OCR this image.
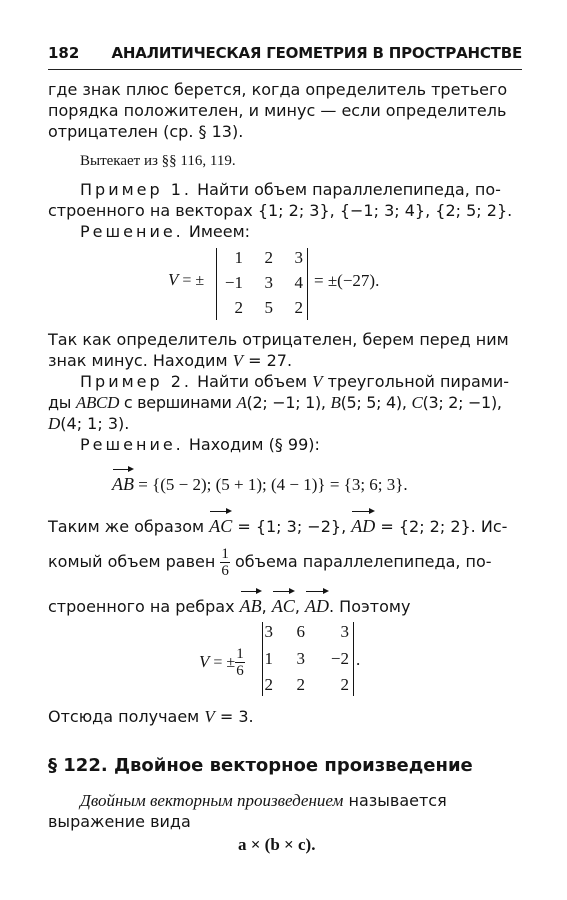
182 АНАЛИТИЧЕСКАЯ ГЕОМЕТРИЯ В ПРОСТРАНСТВЕ
где знак плюс берется, когда определитель третьего
порядка положителен, и минус — если определитель
отрицателен (ср. § 13).
Вытекает из §§ 116, 119.
Пример 1. Найти объем параллелепипеда, по-
строенного на векторах {1; 2; 3}, {−1; 3; 4}, {2; 5; 2}.
Решение. Имеем:
V = ±
1	2	3
−1	3	4
2	5	2
= ±(−27).
Так как определитель отрицателен, берем перед ним
знак минус. Находим V = 27.
Пример 2. Найти объем V треугольной пирами-
ды ABCD с вершинами A(2; −1; 1), B(5; 5; 4), C(3; 2; −1),
D(4; 1; 3).
Решение. Находим (§ 99):
AB = {(5 − 2); (5 + 1); (4 − 1)} = {3; 6; 3}.
Таким же образом
AC = {1; 3; −2},
AD = {2; 2; 2}. Ис-
комый объем равен $\frac{1}{6}$ объема параллелепипеда, по-
строенного на ребрах
AB,
AC,
AD. Поэтому
V = ± $\frac{1}{6}$
3	6	3
1	3	−2
2	2	2
.
Отсюда получаем V = 3.
§ 122. Двойное векторное произведение
Двойным векторным произведением называется
выражение вида
a × (b × c).
